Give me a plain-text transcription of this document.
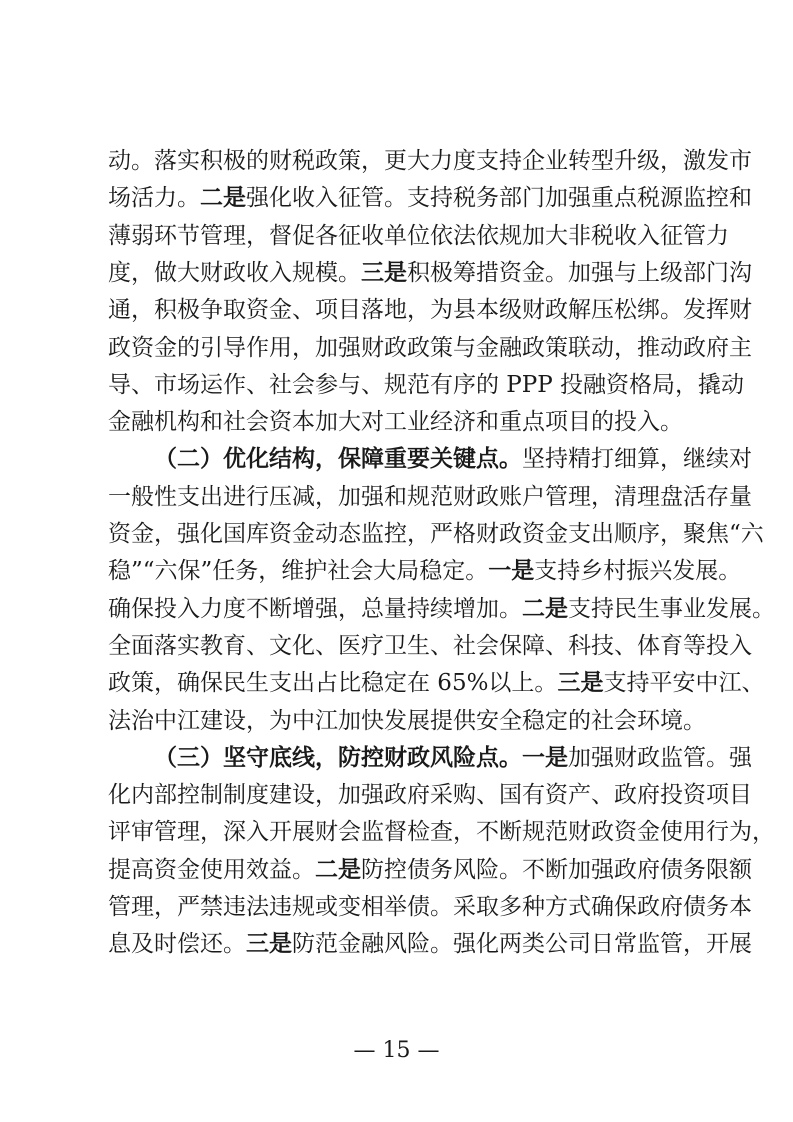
动。落实积极的财税政策，更大力度支持企业转型升级，激发市
场活力。二是强化收入征管。支持税务部门加强重点税源监控和
薄弱环节管理，督促各征收单位依法依规加大非税收入征管力
度，做大财政收入规模。三是积极筹措资金。加强与上级部门沟
通，积极争取资金、项目落地，为县本级财政解压松绑。发挥财
政资金的引导作用，加强财政政策与金融政策联动，推动政府主
导、市场运作、社会参与、规范有序的 PPP 投融资格局，撬动
金融机构和社会资本加大对工业经济和重点项目的投入。
（二）优化结构，保障重要关键点。坚持精打细算，继续对
一般性支出进行压减，加强和规范财政账户管理，清理盘活存量
资金，强化国库资金动态监控，严格财政资金支出顺序，聚焦“六
稳”“六保”任务，维护社会大局稳定。一是支持乡村振兴发展。
确保投入力度不断增强，总量持续增加。二是支持民生事业发展。
全面落实教育、文化、医疗卫生、社会保障、科技、体育等投入
政策，确保民生支出占比稳定在 65%以上。三是支持平安中江、
法治中江建设，为中江加快发展提供安全稳定的社会环境。
（三）坚守底线，防控财政风险点。一是加强财政监管。强
化内部控制制度建设，加强政府采购、国有资产、政府投资项目
评审管理，深入开展财会监督检查，不断规范财政资金使用行为，
提高资金使用效益。二是防控债务风险。不断加强政府债务限额
管理，严禁违法违规或变相举债。采取多种方式确保政府债务本
息及时偿还。三是防范金融风险。强化两类公司日常监管，开展
— 15 —
